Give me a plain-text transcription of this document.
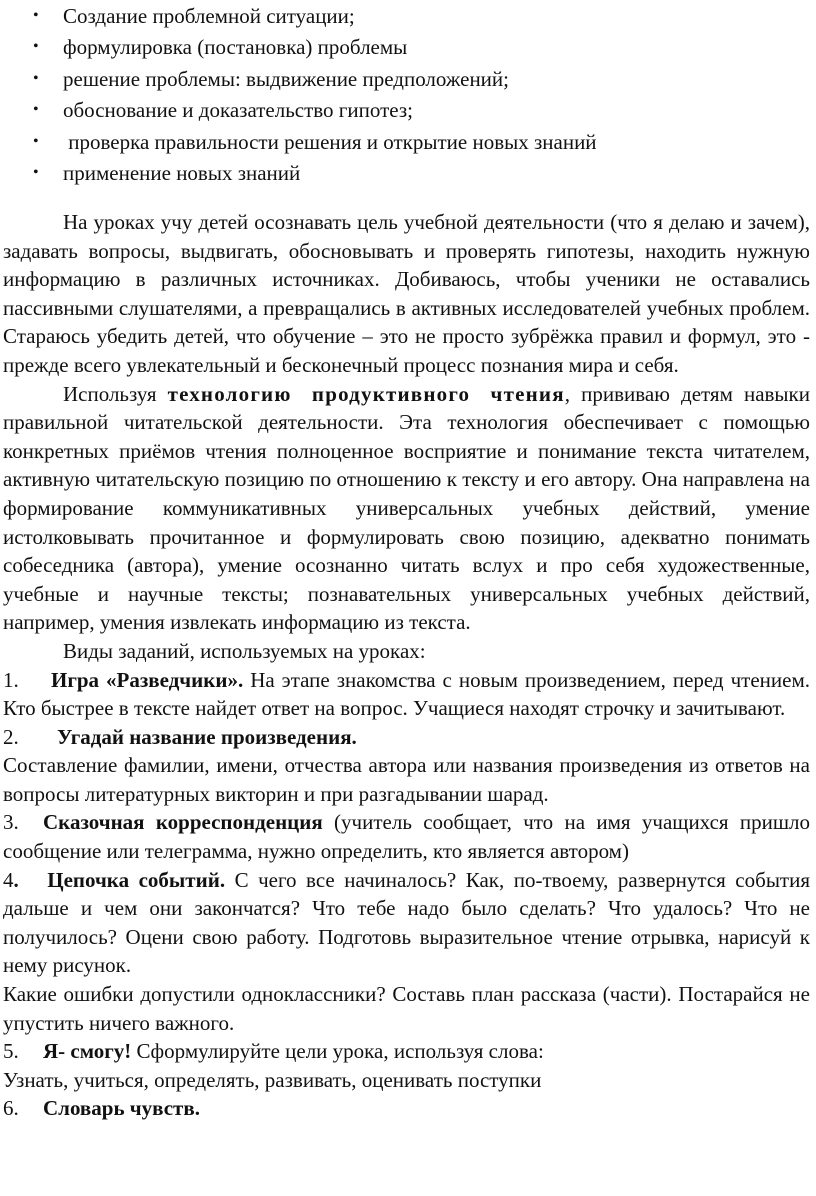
• Создание проблемной ситуации;
• формулировка (постановка) проблемы
• решение проблемы: выдвижение предположений;
• обоснование и доказательство гипотез;
• проверка правильности решения и открытие новых знаний
• применение новых знаний

На уроках учу детей осознавать цель учебной деятельности (что я делаю и зачем), задавать вопросы, выдвигать, обосновывать и проверять гипотезы, находить нужную информацию в различных источниках. Добиваюсь, чтобы ученики не оставались пассивными слушателями, а превращались в активных исследователей учебных проблем. Стараюсь убедить детей, что обучение – это не просто зубрёжка правил и формул, это - прежде всего увлекательный и бесконечный процесс познания мира и себя.

Используя технологию продуктивного чтения, прививаю детям навыки правильной читательской деятельности. Эта технология обеспечивает с помощью конкретных приёмов чтения полноценное восприятие и понимание текста читателем, активную читательскую позицию по отношению к тексту и его автору. Она направлена на формирование коммуникативных универсальных учебных действий, умение истолковывать прочитанное и формулировать свою позицию, адекватно понимать собеседника (автора), умение осознанно читать вслух и про себя художественные, учебные и научные тексты; познавательных универсальных учебных действий, например, умения извлекать информацию из текста.

Виды заданий, используемых на уроках:

1. Игра «Разведчики». На этапе знакомства с новым произведением, перед чтением. Кто быстрее в тексте найдет ответ на вопрос. Учащиеся находят строчку и зачитывают.

2. Угадай название произведения.

Составление фамилии, имени, отчества автора или названия произведения из ответов на вопросы литературных викторин и при разгадывании шарад.

3. Сказочная корреспонденция (учитель сообщает, что на имя учащихся пришло сообщение или телеграмма, нужно определить, кто является автором)

4.   Цепочка событий. С чего все начиналось? Как, по-твоему, развернутся события дальше и чем они закончатся? Что тебе надо было сделать? Что удалось? Что не получилось? Оцени свою работу. Подготовь выразительное чтение отрывка, нарисуй к нему рисунок.

Какие ошибки допустили одноклассники? Составь план рассказа (части). Постарайся не упустить ничего важного.

5. Я- смогу! Сформулируйте цели урока, используя слова:

Узнать, учиться, определять, развивать, оценивать поступки

6. Словарь чувств.
